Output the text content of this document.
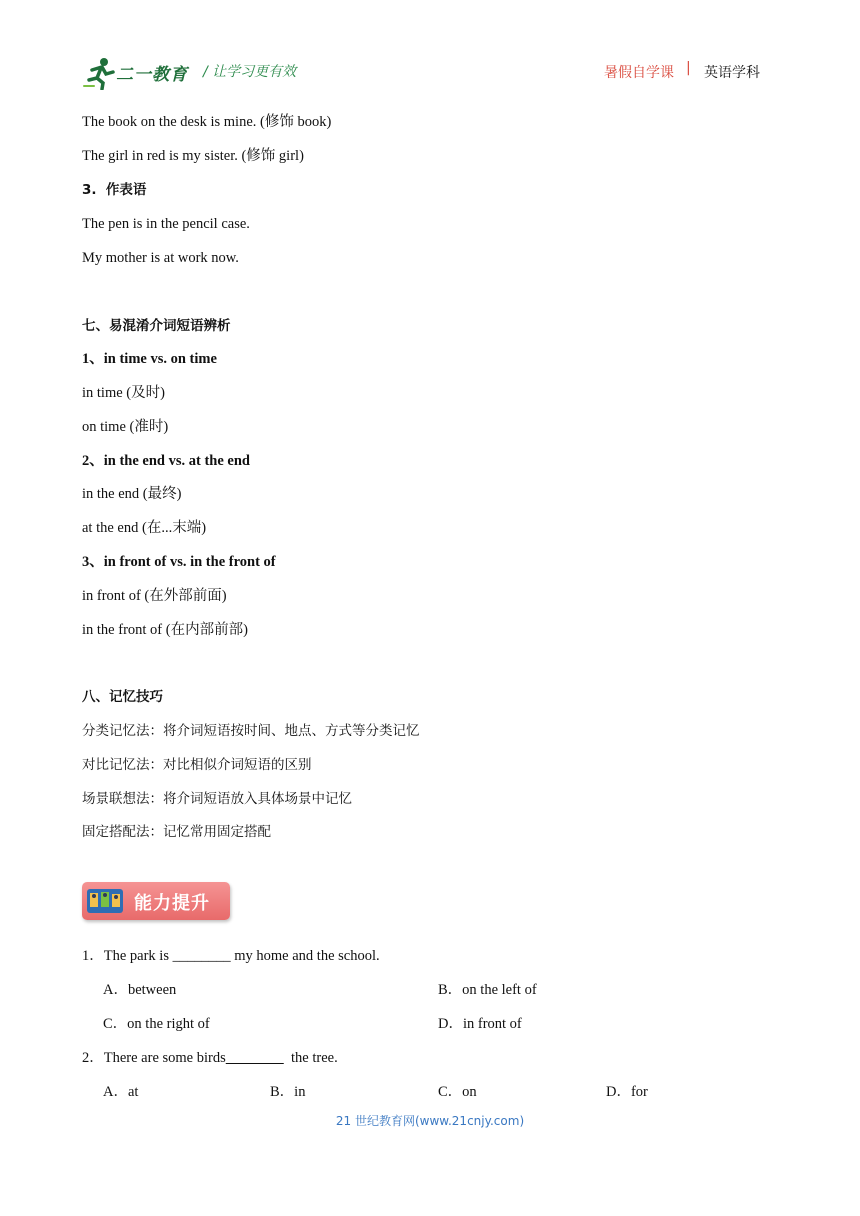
二一教育 / 让学习更有效	暑假自学课 | 英语学科
The book on the desk is mine. (修饰 book)
The girl in red is my sister. (修饰 girl)
3.  作表语
The pen is in the pencil case.
My mother is at work now.
七、易混淆介词短语辨析
1、in time vs. on time
in time (及时)
on time (准时)
2、in the end vs. at the end
in the end (最终)
at the end (在...末端)
3、in front of vs. in the front of
in front of (在外部前面)
in the front of (在内部前部)
八、记忆技巧
分类记忆法：将介词短语按时间、地点、方式等分类记忆
对比记忆法：对比相似介词短语的区别
场景联想法：将介词短语放入具体场景中记忆
固定搭配法：记忆常用固定搭配
能力提升
1．The park is ________ my home and the school.
A．between	B．on the left of
C．on the right of	D．in front of
2．There are some birds	the tree.
A．at	B．in	C．on	D．for
21 世纪教育网(www.21cnjy.com)
